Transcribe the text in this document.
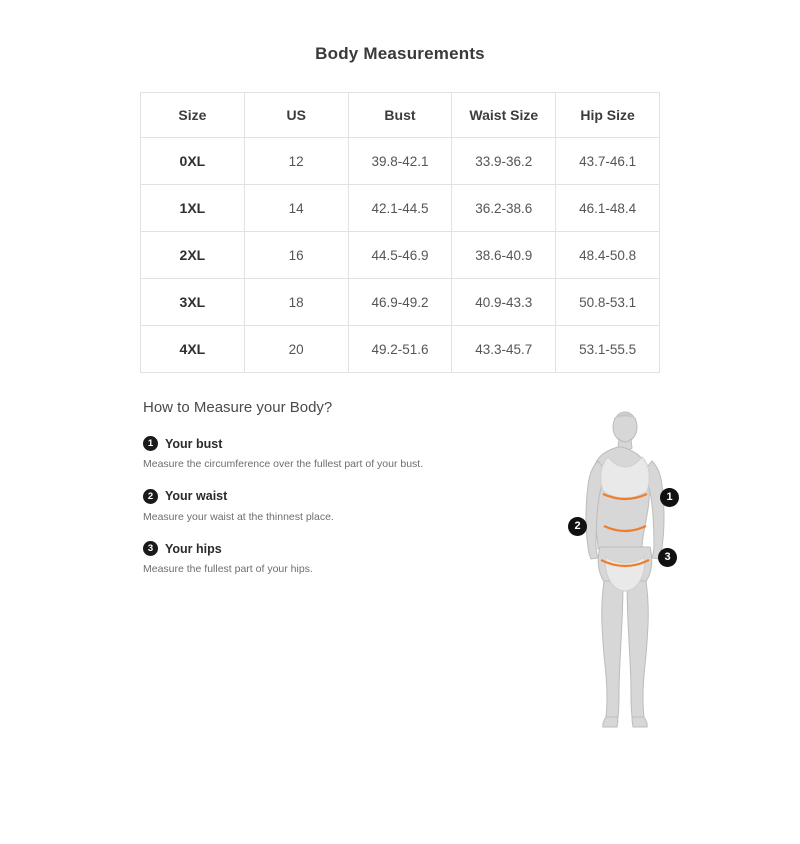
Body Measurements
Size	US	Bust	Waist Size	Hip Size
0XL	12	39.8-42.1	33.9-36.2	43.7-46.1
1XL	14	42.1-44.5	36.2-38.6	46.1-48.4
2XL	16	44.5-46.9	38.6-40.9	48.4-50.8
3XL	18	46.9-49.2	40.9-43.3	50.8-53.1
4XL	20	49.2-51.6	43.3-45.7	53.1-55.5
How to Measure your Body?
1 Your bust
Measure the circumference over the fullest part of your bust.
2 Your waist
Measure your waist at the thinnest place.
3 Your hips
Measure the fullest part of your hips.
1
2
3
